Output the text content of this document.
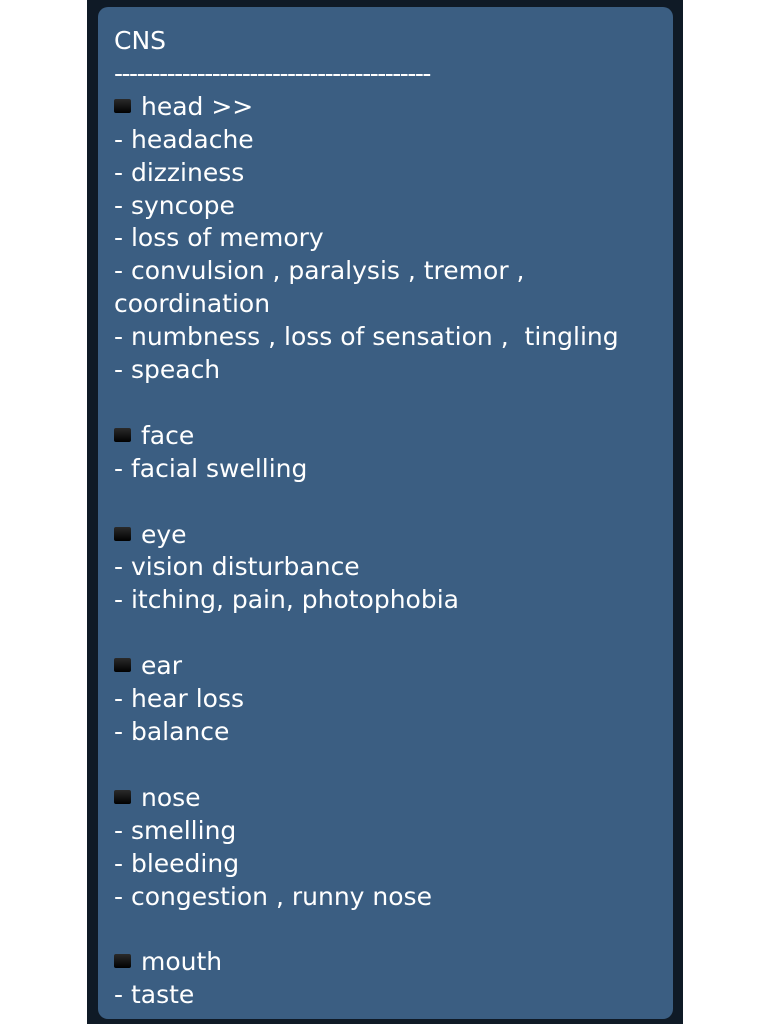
CNS
------------------------------------------
head >>
- headache
- dizziness
- syncope
- loss of memory
- convulsion , paralysis , tremor , coordination
- numbness , loss of sensation ,  tingling
- speach
face
- facial swelling
eye
- vision disturbance
- itching, pain, photophobia
ear
- hear loss
- balance
nose
- smelling
- bleeding
- congestion , runny nose
mouth
- taste
